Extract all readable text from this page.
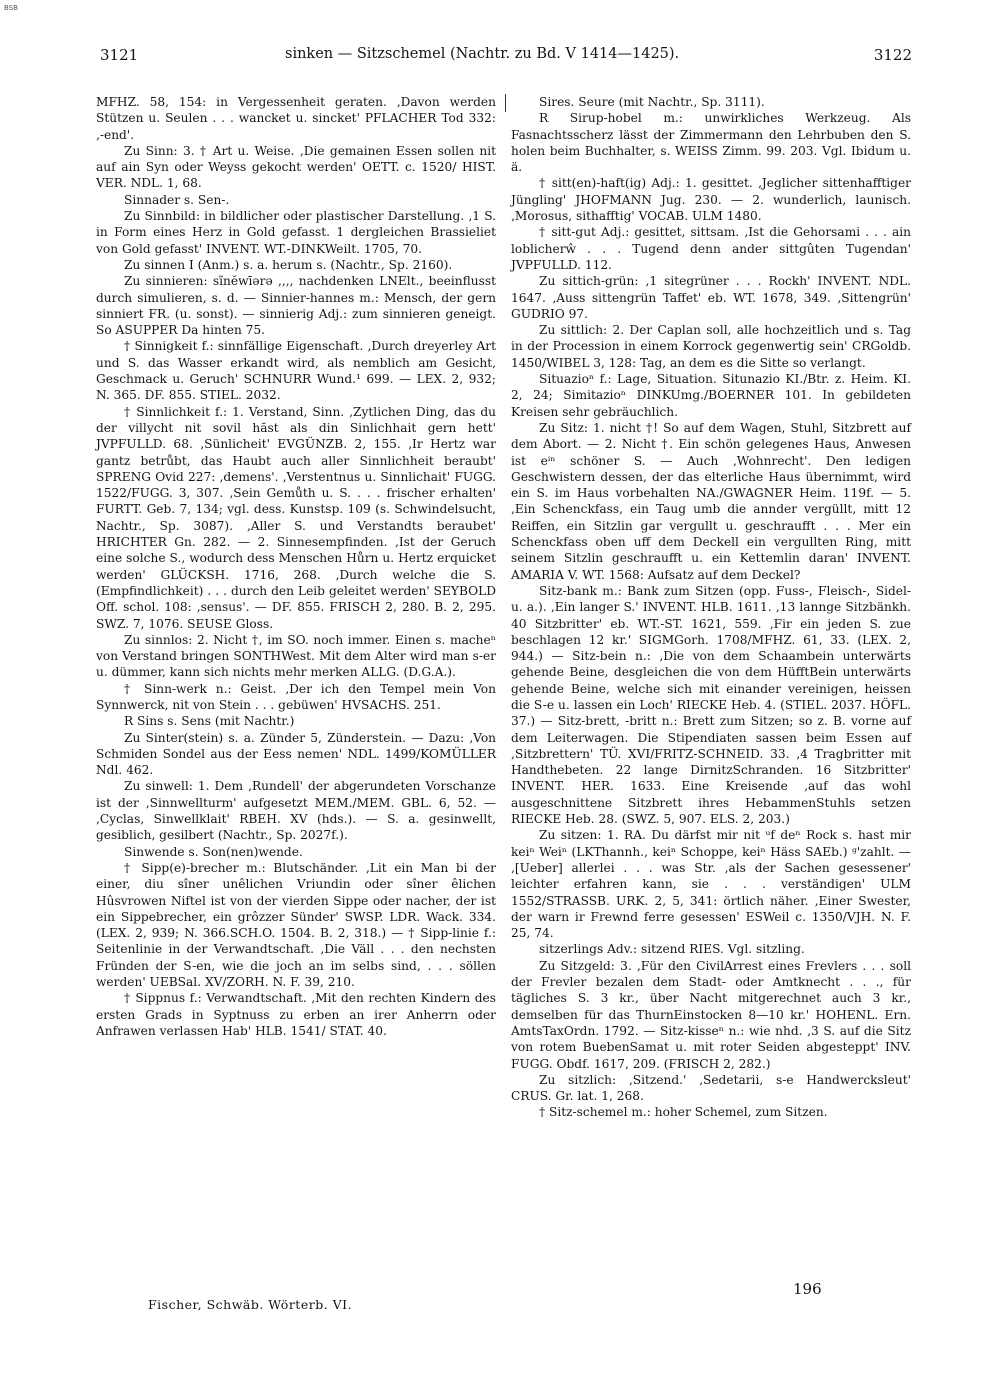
BSB
3121	sinken — Sitzschemel (Nachtr. zu Bd. V 1414—1425).	3122

MFHZ. 58, 154: in Vergessenheit geraten. ‚Davon werden Stützen u. Seulen . . . wancket u. sincket' PFLACHER Tod 332: ‚-end'.

Zu Sinn: 3. † Art u. Weise. ‚Die gemainen Essen sollen nit auf ain Syn oder Weyss gekocht werden' OETT. c. 1520/ HIST. VER. NDL. 1, 68.

Sinnader s. Sen-.

Zu Sinnbild: in bildlicher oder plastischer Darstellung. ‚1 S. in Form eines Herz in Gold gefasst. 1 dergleichen Brassieliet von Gold gefasst' INVENT. WT.-DINKWeilt. 1705, 70.

Zu sinnen I (Anm.) s. a. herum s. (Nachtr., Sp. 2160).

Zu sinnieren: sĩnĕwīərə ,,,, nachdenken LNElt., beeinflusst durch simulieren, s. d. — Sinnier-hannes m.: Mensch, der gern sinniert FR. (u. sonst). — sinnierig Adj.: zum sinnieren geneigt. So ASUPPER Da hinten 75.

† Sinnigkeit f.: sinnfällige Eigenschaft. ‚Durch dreyerley Art und S. das Wasser erkandt wird, als nemblich am Gesicht, Geschmack u. Geruch' SCHNURR Wund.¹ 699. — LEX. 2, 932; N. 365. DF. 855. STIEL. 2032.

† Sinnlichkeit f.: 1. Verstand, Sinn. ‚Zytlichen Ding, das du der villycht nit sovil hăst als din Sinlichhait gern hett' JVPFULLD. 68. ‚Sünlicheit' EVGÜNZB. 2, 155. ‚Ir Hertz war gantz betrůbt, das Haubt auch aller Sinnlichheit beraubt' SPRENG Ovid 227: ‚demens'. ‚Verstentnus u. Sinnlichait' FUGG. 1522/FUGG. 3, 307. ‚Sein Gemůth u. S. . . . frischer erhalten' FURTT. Geb. 7, 134; vgl. dess. Kunstsp. 109 (s. Schwindelsucht, Nachtr., Sp. 3087). ‚Aller S. und Verstandts beraubet' HRICHTER Gn. 282. — 2. Sinnesempfinden. ‚Ist der Geruch eine solche S., wodurch dess Menschen Hůrn u. Hertz erquicket werden' GLÜCKSH. 1716, 268. ‚Durch welche die S. (Empfindlichkeit) . . . durch den Leib geleitet werden' SEYBOLD Off. schol. 108: ‚sensus'. — DF. 855. FRISCH 2, 280. B. 2, 295. SWZ. 7, 1076. SEUSE Gloss.

Zu sinnlos: 2. Nicht †, im SO. noch immer. Einen s. macheⁿ von Verstand bringen SONTHWest. Mit dem Alter wird man s-er u. dümmer, kann sich nichts mehr merken ALLG. (D.G.A.).

† Sinn-werk n.: Geist. ‚Der ich den Tempel mein Von Synnwerck, nit von Stein . . . gebüwen' HVSACHS. 251.

R Sins s. Sens (mit Nachtr.)

Zu Sinter(stein) s. a. Zünder 5, Zünderstein. — Dazu: ‚Von Schmiden Sondel aus der Eess nemen' NDL. 1499/KOMÜLLER Ndl. 462.

Zu sinwell: 1. Dem ‚Rundell' der abgerundeten Vorschanze ist der ‚Sinnwellturm' aufgesetzt MEM./MEM. GBL. 6, 52. — ‚Cyclas, Sinwellklait' RBEH. XV (hds.). — S. a. gesinwellt, gesiblich, gesilbert (Nachtr., Sp. 2027f.).

Sinwende s. Son(nen)wende.

† Sipp(e)-brecher m.: Blutschänder. ‚Lit ein Man bi der einer, diu sîner unêlichen Vriundin oder sîner êlichen Hûsvrowen Niftel ist von der vierden Sippe oder nacher, der ist ein Sippebrecher, ein grôzzer Sünder' SWSP. LDR. Wack. 334. (LEX. 2, 939; N. 366.SCH.O. 1504. B. 2, 318.) — † Sipp-linie f.: Seitenlinie in der Verwandtschaft. ‚Die Väll . . . den nechsten Fründen der S-en, wie die joch an im selbs sind, . . . söllen werden' UEBSal. XV/ZORH. N. F. 39, 210.

† Sippnus f.: Verwandtschaft. ‚Mit den rechten Kindern des ersten Grads in Syptnuss zu erben an irer Anherrn oder Anfrawen verlassen Hab' HLB. 1541/ STAT. 40.

Sires. Seure (mit Nachtr., Sp. 3111).

R Sirup-hobel m.: unwirkliches Werkzeug. Als Fasnachtsscherz lässt der Zimmermann den Lehrbuben den S. holen beim Buchhalter, s. WEISS Zimm. 99. 203. Vgl. Ibidum u. ä.

† sitt(en)-haft(ig) Adj.: 1. gesittet. ‚Jeglicher sittenhafftiger Jüngling' JHOFMANN Jug. 230. — 2. wunderlich, launisch. ‚Morosus, sithafftig' VOCAB. ULM 1480.

† sitt-gut Adj.: gesittet, sittsam. ‚Ist die Gehorsami . . . ain loblicherŵ . . . Tugend denn ander sittgûten Tugendan' JVPFULLD. 112.

Zu sittich-grün: ‚1 sitegrüner . . . Rockh' INVENT. NDL. 1647. ‚Auss sittengrün Taffet' eb. WT. 1678, 349. ‚Sittengrün' GUDRIO 97.

Zu sittlich: 2. Der Caplan soll, alle hochzeitlich und s. Tag in der Procession in einem Korrock gegenwertig sein' CRGoldb. 1450/WIBEL 3, 128: Tag, an dem es die Sitte so verlangt.

Situazioⁿ f.: Lage, Situation. Situnazio KI./Btr. z. Heim. KI. 2, 24; Simitazioⁿ DINKUmg./BOERNER 101. In gebildeten Kreisen sehr gebräuchlich.

Zu Sitz: 1. nicht †! So auf dem Wagen, Stuhl, Sitzbrett auf dem Abort. — 2. Nicht †. Ein schön gelegenes Haus, Anwesen ist eⁱⁿ schöner S. — Auch ‚Wohnrecht'. Den ledigen Geschwistern dessen, der das elterliche Haus übernimmt, wird ein S. im Haus vorbehalten NA./GWAGNER Heim. 119f. — 5. ‚Ein Schenckfass, ein Taug umb die annder vergüllt, mitt 12 Reiffen, ein Sitzlin gar vergullt u. geschraufft . . . Mer ein Schenckfass oben uff dem Deckell ein vergullten Ring, mitt seinem Sitzlin geschraufft u. ein Kettemlin daran' INVENT. AMARIA V. WT. 1568: Aufsatz auf dem Deckel?

Sitz-bank m.: Bank zum Sitzen (opp. Fuss-, Fleisch-, Sidel- u. a.). ‚Ein langer S.' INVENT. HLB. 1611. ‚13 lannge Sitzbänkh. 40 Sitzbritter' eb. WT.-ST. 1621, 559. ‚Fir ein jeden S. zue beschlagen 12 kr.' SIGMGorh. 1708/MFHZ. 61, 33. (LEX. 2, 944.) — Sitz-bein n.: ‚Die von dem Schaambein unterwärts gehende Beine, desgleichen die von dem HüfftBein unterwärts gehende Beine, welche sich mit einander vereinigen, heissen die S-e u. lassen ein Loch' RIECKE Heb. 4. (STIEL. 2037. HÖFL. 37.) — Sitz-brett, -britt n.: Brett zum Sitzen; so z. B. vorne auf dem Leiterwagen. Die Stipendiaten sassen beim Essen auf ‚Sitzbrettern' TÜ. XVI/FRITZ-SCHNEID. 33. ‚4 Tragbritter mit Handthebeten. 22 lange DirnitzSchranden. 16 Sitzbritter' INVENT. HER. 1633. Eine Kreisende ‚auf das wohl ausgeschnittene Sitzbrett ihres HebammenStuhls setzen RIECKE Heb. 28. (SWZ. 5, 907. ELS. 2, 203.)

Zu sitzen: 1. RA. Du därfst mir nit ᵘf deⁿ Rock s. hast mir keiⁿ Weiⁿ (LKThannh., keiⁿ Schoppe, keiⁿ Häss SAEb.) ᵍ'zahlt. — ‚[Ueber] allerlei . . . was Str. ‚als der Sachen gesessener' leichter erfahren kann, sie . . . verständigen' ULM 1552/STRASSB. URK. 2, 5, 341: örtlich näher. ‚Einer Swester, der warn ir Frewnd ferre gesessen' ESWeil c. 1350/VJH. N. F. 25, 74.

sitzerlings Adv.: sitzend RIES. Vgl. sitzling.

Zu Sitzgeld: 3. ‚Für den CivilArrest eines Frevlers . . . soll der Frevler bezalen dem Stadt- oder Amtknecht . . ., für tägliches S. 3 kr., über Nacht mitgerechnet auch 3 kr., demselben für das ThurnEinstocken 8—10 kr.' HOHENL. Ern. AmtsTaxOrdn. 1792. — Sitz-kisseⁿ n.: wie nhd. ‚3 S. auf die Sitz von rotem BuebenSamat u. mit roter Seiden abgesteppt' INV. FUGG. Obdf. 1617, 209. (FRISCH 2, 282.)

Zu sitzlich: ‚Sitzend.' ‚Sedetarii, s-e Handwercksleut' CRUS. Gr. lat. 1, 268.

† Sitz-schemel m.: hoher Schemel, zum Sitzen.

Fischer, Schwäb. Wörterb. VI.
196
